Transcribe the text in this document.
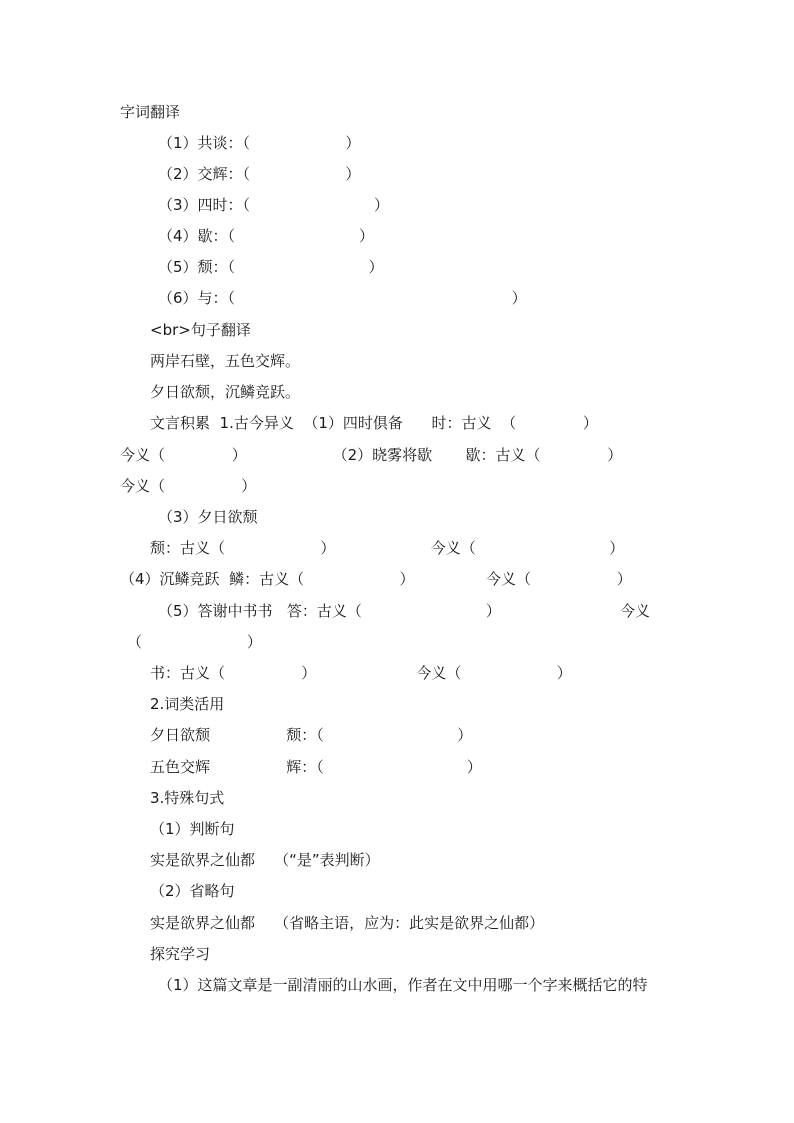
字词翻译
（1）共谈：（                    ）
（2）交辉：（                    ）
（3）四时：（                          ）
（4）歇：（                          ）
（5）颓：（                            ）
（6）与：（                                                          ）
<br>句子翻译
两岸石壁，五色交辉。
夕日欲颓，沉鳞竞跃。
文言积累  1.古今异义  （1）四时俱备      时：古义  （              ）
今义（              ）                  （2）晓雾将歇       歇：古义（              ）
今义（                ）
（3）夕日欲颓
颓：古义（                    ）                    今义（                            ）
（4）沉鳞竞跃  鳞：古义（                    ）               今义（                  ）
（5）答谢中书书   答：古义（                          ）                         今义
（                      ）
书：古义（                ）                     今义（                    ）
2.词类活用
夕日欲颓                颓：（                            ）
五色交辉                辉：（                              ）
3.特殊句式
（1）判断句
实是欲界之仙都    （“是”表判断）
（2）省略句
实是欲界之仙都    （省略主语，应为：此实是欲界之仙都）
探究学习
（1）这篇文章是一副清丽的山水画，作者在文中用哪一个字来概括它的特
